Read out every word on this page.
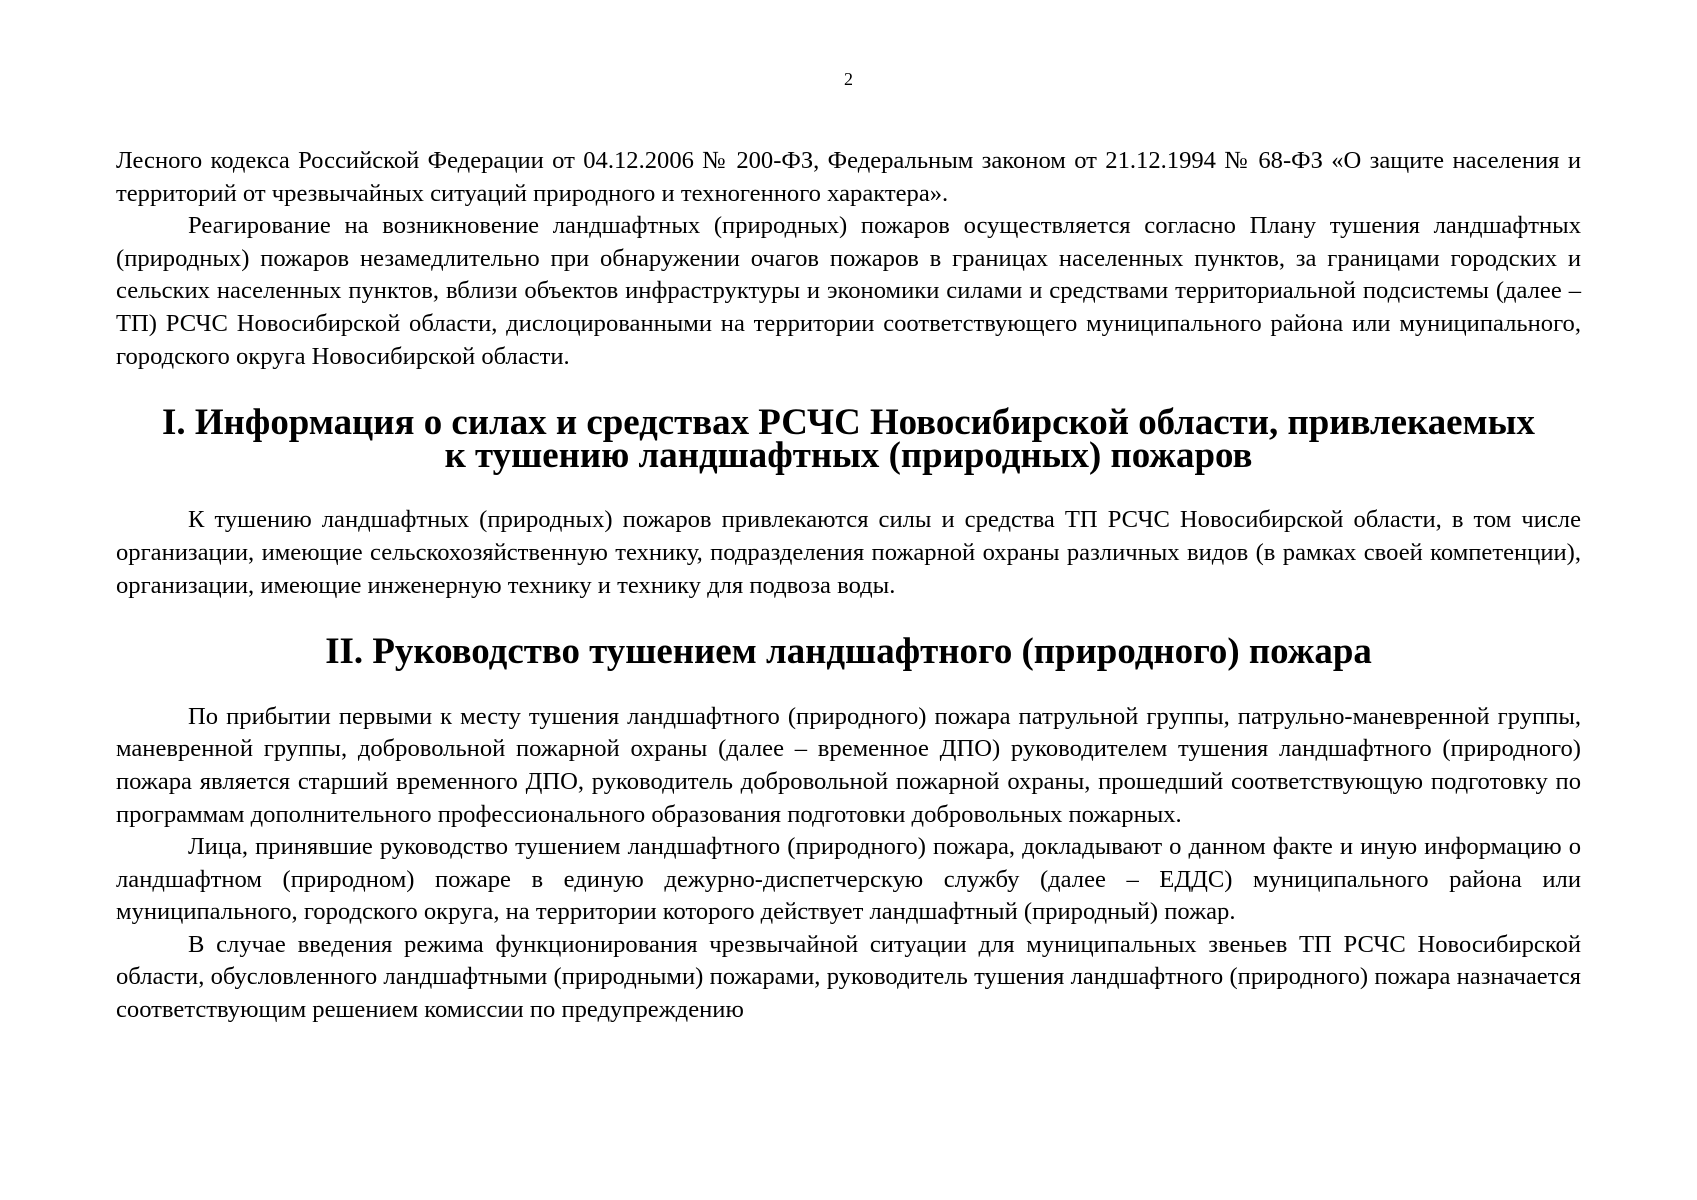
2

Лесного кодекса Российской Федерации от 04.12.2006 № 200-ФЗ, Федеральным законом от 21.12.1994 № 68-ФЗ «О защите населения и территорий от чрезвычайных ситуаций природного и техногенного характера».

Реагирование на возникновение ландшафтных (природных) пожаров осуществляется согласно Плану тушения ландшафтных (природных) пожаров незамедлительно при обнаружении очагов пожаров в границах населенных пунктов, за границами городских и сельских населенных пунктов, вблизи объектов инфраструктуры и экономики силами и средствами территориальной подсистемы (далее – ТП) РСЧС Новосибирской области, дислоцированными на территории соответствующего муниципального района или муниципального, городского округа Новосибирской области.

I. Информация о силах и средствах РСЧС Новосибирской области, привлекаемых к тушению ландшафтных (природных) пожаров

К тушению ландшафтных (природных) пожаров привлекаются силы и средства ТП РСЧС Новосибирской области, в том числе организации, имеющие сельскохозяйственную технику, подразделения пожарной охраны различных видов (в рамках своей компетенции), организации, имеющие инженерную технику и технику для подвоза воды.

II. Руководство тушением ландшафтного (природного) пожара

По прибытии первыми к месту тушения ландшафтного (природного) пожара патрульной группы, патрульно-маневренной группы, маневренной группы, добровольной пожарной охраны (далее – временное ДПО) руководителем тушения ландшафтного (природного) пожара является старший временного ДПО, руководитель добровольной пожарной охраны, прошедший соответствующую подготовку по программам дополнительного профессионального образования подготовки добровольных пожарных.

Лица, принявшие руководство тушением ландшафтного (природного) пожара, докладывают о данном факте и иную информацию о ландшафтном (природном) пожаре в единую дежурно-диспетчерскую службу (далее – ЕДДС) муниципального района или муниципального, городского округа, на территории которого действует ландшафтный (природный) пожар.

В случае введения режима функционирования чрезвычайной ситуации для муниципальных звеньев ТП РСЧС Новосибирской области, обусловленного ландшафтными (природными) пожарами, руководитель тушения ландшафтного (природного) пожара назначается соответствующим решением комиссии по предупреждению
